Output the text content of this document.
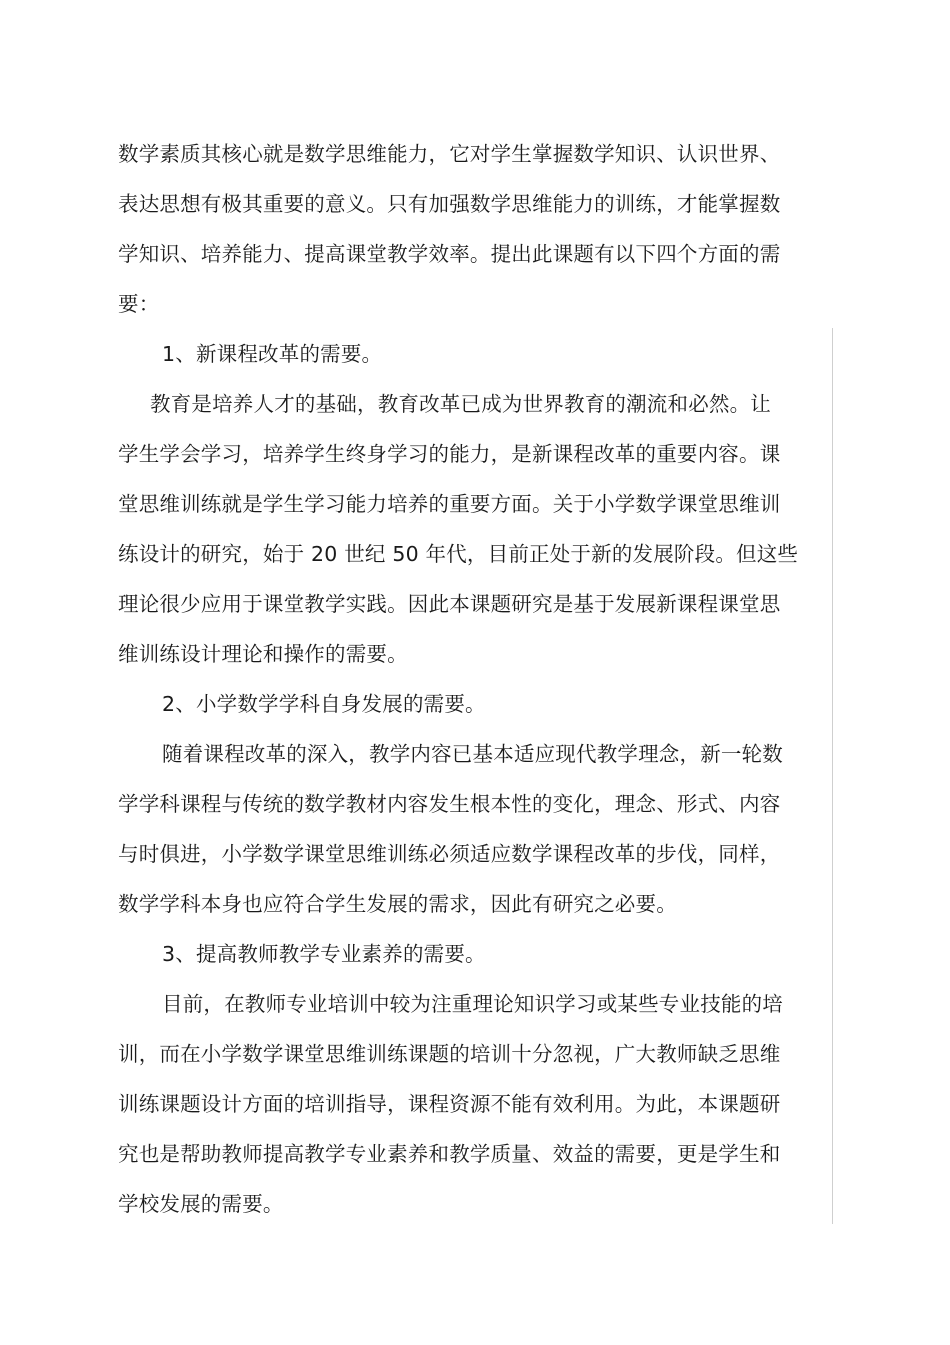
数学素质其核心就是数学思维能力，它对学生掌握数学知识、认识世界、
表达思想有极其重要的意义。只有加强数学思维能力的训练，才能掌握数
学知识、培养能力、提高课堂教学效率。提出此课题有以下四个方面的需
要：
1、新课程改革的需要。
教育是培养人才的基础，教育改革已成为世界教育的潮流和必然。让
学生学会学习，培养学生终身学习的能力，是新课程改革的重要内容。课
堂思维训练就是学生学习能力培养的重要方面。关于小学数学课堂思维训
练设计的研究，始于 20 世纪 50 年代，目前正处于新的发展阶段。但这些
理论很少应用于课堂教学实践。因此本课题研究是基于发展新课程课堂思
维训练设计理论和操作的需要。
2、小学数学学科自身发展的需要。
随着课程改革的深入，教学内容已基本适应现代教学理念，新一轮数
学学科课程与传统的数学教材内容发生根本性的变化，理念、形式、内容
与时俱进，小学数学课堂思维训练必须适应数学课程改革的步伐，同样，
数学学科本身也应符合学生发展的需求，因此有研究之必要。
3、提高教师教学专业素养的需要。
目前，在教师专业培训中较为注重理论知识学习或某些专业技能的培
训，而在小学数学课堂思维训练课题的培训十分忽视，广大教师缺乏思维
训练课题设计方面的培训指导，课程资源不能有效利用。为此，本课题研
究也是帮助教师提高教学专业素养和教学质量、效益的需要，更是学生和
学校发展的需要。
